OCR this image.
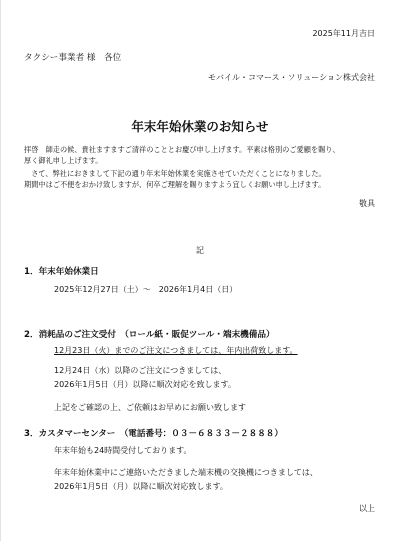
2025年11月吉日
タクシー事業者 様　各位
モバイル・コマース・ソリューション株式会社
年末年始休業のお知らせ
拝啓　師走の候、貴社ますますご清祥のこととお慶び申し上げます。平素は格別のご愛顧を賜り、
厚く御礼申し上げます。
　さて、弊社におきまして下記の通り年末年始休業を実施させていただくことになりました。
期間中はご不便をおかけ致しますが、何卒ご理解を賜りますよう宜しくお願い申し上げます。
敬具
記
1．年末年始休業日
2025年12月27日（土）～　2026年1月4日（日）
2．消耗品のご注文受付　（ロール紙・販促ツール・端末機備品）
12月23日（火）までのご注文につきましては、年内出荷致します。
12月24日（水）以降のご注文につきましては、
2026年1月5日（月）以降に順次対応を致します。
上記をご確認の上、ご依頼はお早めにお願い致します
3．カスタマーセンター　（電話番号：０３－６８３３－２８８８）
年末年始も24時間受付しております。
年末年始休業中にご連絡いただきました端末機の交換機につきましては、
2026年1月5日（月）以降に順次対応致します。
以上
